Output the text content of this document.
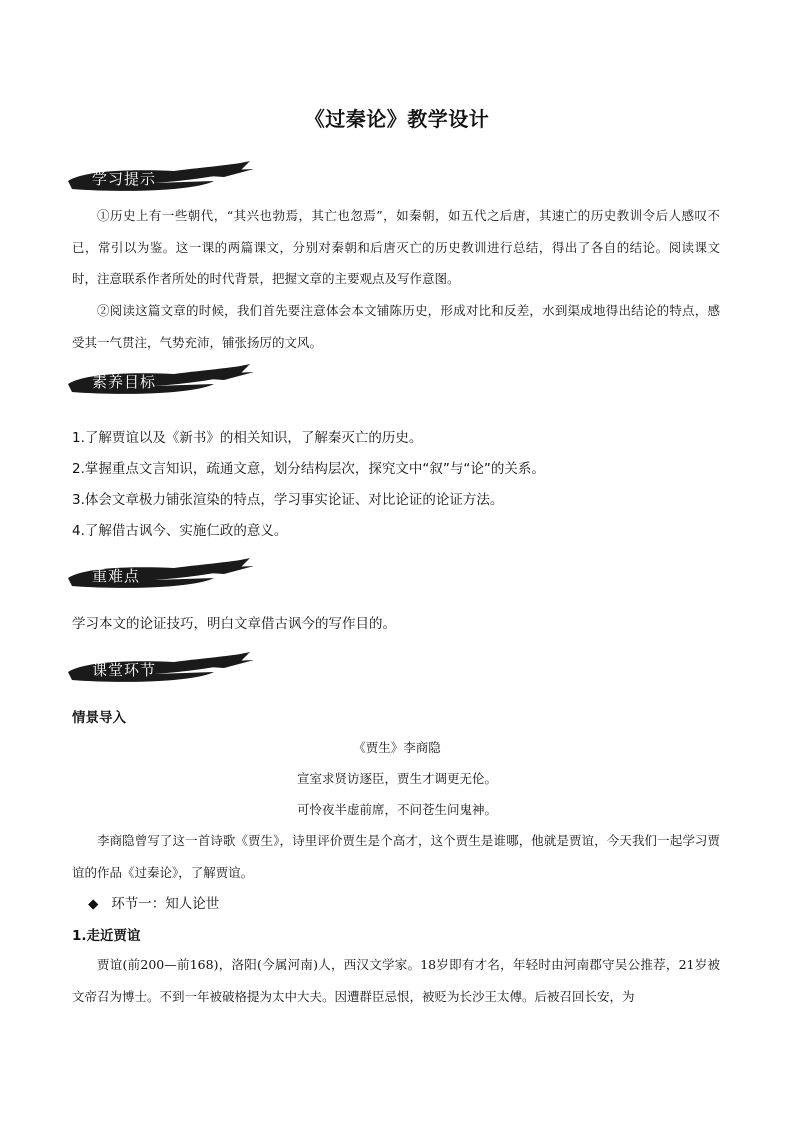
《过秦论》教学设计
学习提示
①历史上有一些朝代，“其兴也勃焉，其亡也忽焉”，如秦朝，如五代之后唐，其速亡的历史教训令后人感叹不已，常引以为鉴。这一课的两篇课文，分别对秦朝和后唐灭亡的历史教训进行总结，得出了各自的结论。阅读课文时，注意联系作者所处的时代背景，把握文章的主要观点及写作意图。
②阅读这篇文章的时候，我们首先要注意体会本文铺陈历史，形成对比和反差，水到渠成地得出结论的特点，感受其一气贯注，气势充沛，铺张扬厉的文风。
素养目标
1.了解贾谊以及《新书》的相关知识，了解秦灭亡的历史。
2.掌握重点文言知识，疏通文意，划分结构层次，探究文中“叙”与“论”的关系。
3.体会文章极力铺张渲染的特点，学习事实论证、对比论证的论证方法。
4.了解借古讽今、实施仁政的意义。
重难点
学习本文的论证技巧，明白文章借古讽今的写作目的。
课堂环节
情景导入
《贾生》李商隐
宣室求贤访逐臣，贾生才调更无伦。
可怜夜半虚前席，不问苍生问鬼神。
李商隐曾写了这一首诗歌《贾生》，诗里评价贾生是个高才，这个贾生是谁哪，他就是贾谊，今天我们一起学习贾谊的作品《过秦论》，了解贾谊。
◆ 环节一：知人论世
1.走近贾谊
贾谊(前200—前168)，洛阳(今属河南)人，西汉文学家。18岁即有才名，年轻时由河南郡守吴公推荐，21岁被文帝召为博士。不到一年被破格提为太中大夫。因遭群臣忌恨，被贬为长沙王太傅。后被召回长安，为
